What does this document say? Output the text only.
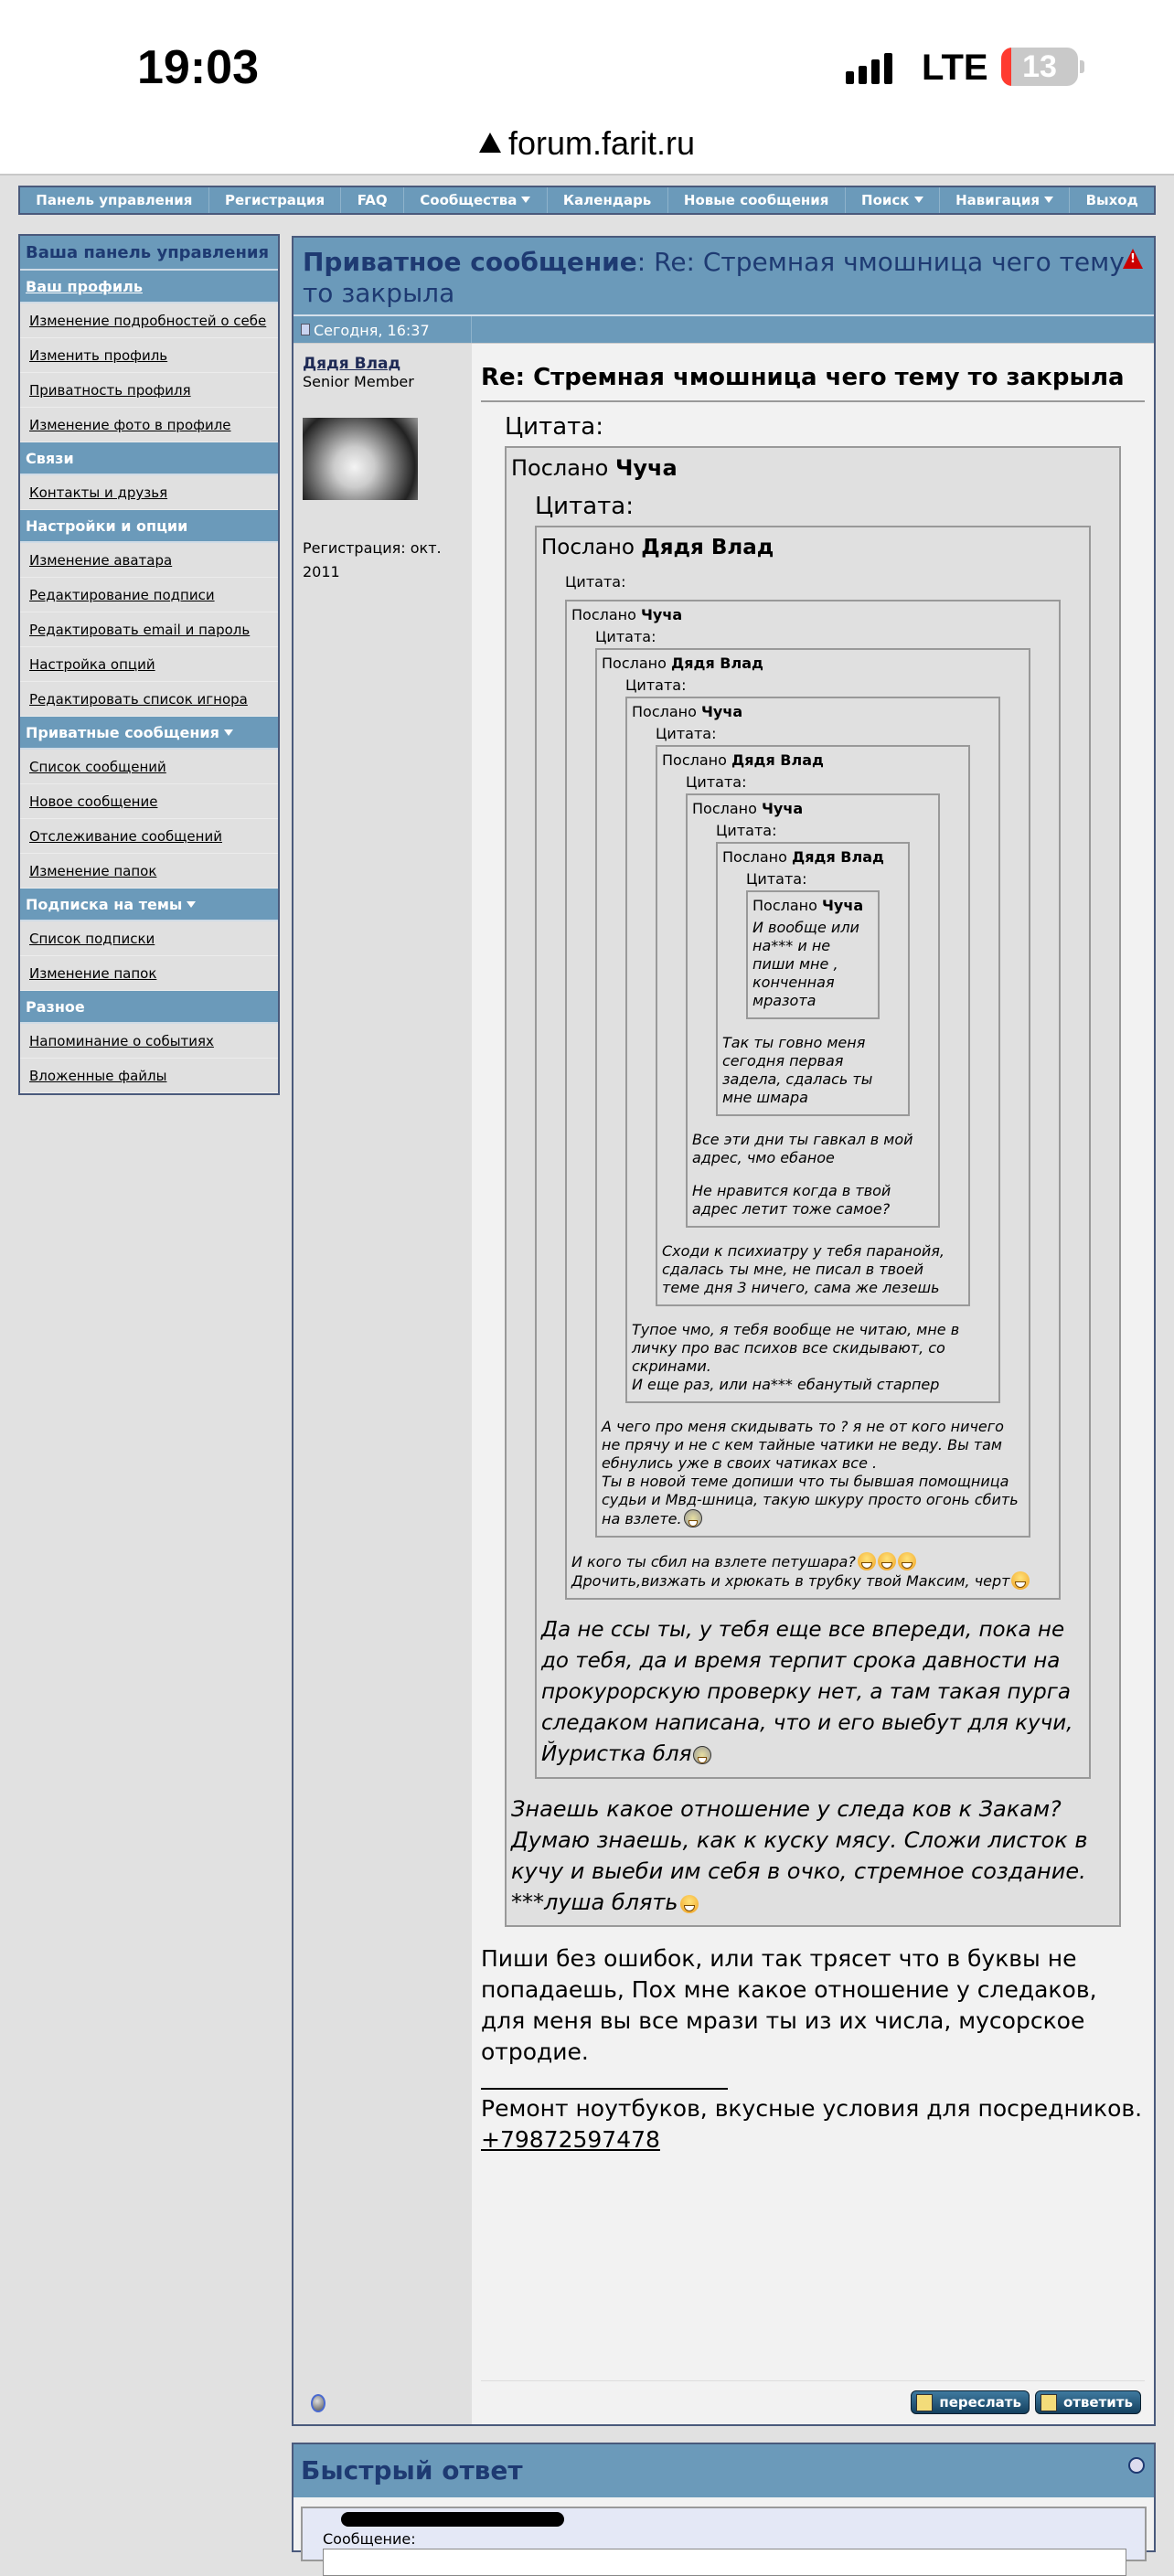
19:03	LTE	13
forum.farit.ru
Панель управления	Регистрация	FAQ	Сообщества	Календарь	Новые сообщения	Поиск	Навигация	Выход
Ваша панель управления
Ваш профиль
Изменение подробностей о себе
Изменить профиль
Приватность профиля
Изменение фото в профиле
Связи
Контакты и друзья
Настройки и опции
Изменение аватара
Редактирование подписи
Редактировать email и пароль
Настройка опций
Редактировать список игнора
Приватные сообщения
Список сообщений
Новое сообщение
Отслеживание сообщений
Изменение папок
Подписка на темы
Список подписки
Изменение папок
Разное
Напоминание о событиях
Вложенные файлы
Приватное сообщение: Re: Стремная чмошница чего тему то закрыла
!
Сегодня, 16:37
Дядя Влад
Senior Member
Регистрация: окт. 2011
Re: Стремная чмошница чего тему то закрыла
Цитата:
Послано Чуча
Цитата:
Послано Дядя Влад
Цитата:
Послано Чуча
Цитата:
Послано Дядя Влад
Цитата:
Послано Чуча
Цитата:
Послано Дядя Влад
Цитата:
Послано Чуча
Цитата:
Послано Дядя Влад
Цитата:
Послано Чуча

И вообще или на*** и не пиши мне , конченная мразота

Так ты говно меня сегодня первая задела, сдалась ты мне шмара

Все эти дни ты гавкал в мой адрес, чмо ебаное

Не нравится когда в твой адрес летит тоже самое?

Сходи к психиатру у тебя паранойя, сдалась ты мне, не писал в твоей теме дня 3 ничего, сама же лезешь

Тупое чмо, я тебя вообще не читаю, мне в личку про вас психов все скидывают, со скринами.
И еще раз, или на*** ебанутый старпер

А чего про меня скидывать то ? я не от кого ничего не прячу и не с кем тайные чатики не веду. Вы там ебнулись уже в своих чатиках все .
Ты в новой теме допиши что ты бывшая помощница судьи и Мвд-шница, такую шкуру просто огонь сбить на взлете.

И кого ты сбил на взлете петушара?
Дрочить,визжать и хрюкать в трубку твой Максим, черт

Да не ссы ты, у тебя еще все впереди, пока не до тебя, да и время терпит срока давности на прокурорскую проверку нет, а там такая пурга следаком написана, что и его выебут для кучи, Йуристка бля

Знаешь какое отношение у следа ков к Закам?
Думаю знаешь, как к куску мясу. Сложи листок в кучу и выеби им себя в очко, стремное создание.
***луша блять

Пиши без ошибок, или так трясет что в буквы не попадаешь, Пох мне какое отношение у следаков, для меня вы все мрази ты из их числа, мусорское отродие.
Ремонт ноутбуков, вкусные условия для посредников.
+79872597478
переслать	ответить
Быстрый ответ
Сообщение:
